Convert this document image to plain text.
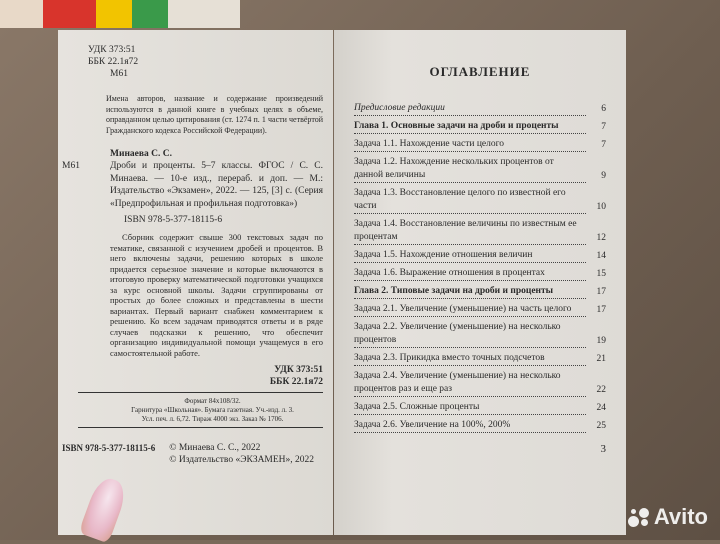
УДК 373:51
ББК 22.1я72
М61
Имена авторов, название и содержание произведений используются в данной книге в учебных целях в объеме, оправданном целью цитирования (ст. 1274 п. 1 части четвёртой Гражданского кодекса Российской Федерации).
Минаева С. С.
М61	Дроби и проценты. 5–7 классы. ФГОС / С. С. Минаева. — 10-е изд., перераб. и доп. — М.: Издательство «Экзамен», 2022. — 125, [3] с. (Серия «Предпрофильная и профильная подготовка»)
ISBN 978-5-377-18115-6
Сборник содержит свыше 300 текстовых задач по тематике, связанной с изучением дробей и процентов. В него включены задачи, решению которых в школе придается серьезное значение и которые включаются в итоговую проверку математической подготовки учащихся за курс основной школы. Задачи сгруппированы от простых до более сложных и представлены в шести вариантах. Первый вариант снабжен комментарием к решению. Ко всем задачам приводятся ответы и в ряде случаев подсказки к решению, что обеспечит организацию индивидуальной помощи учащемуся в его самостоятельной работе.
УДК 373:51
ББК 22.1я72
Формат 84x108/32.
Гарнитура «Школьная». Бумага газетная. Уч.-изд. л. 3.
Усл. печ. л. 6,72. Тираж 4000 экз. Заказ № 1706.
ISBN 978-5-377-18115-6 © Минаева С. С., 2022
© Издательство «ЭКЗАМЕН», 2022
ОГЛАВЛЕНИЕ
Предисловие редакции	6
Глава 1. Основные задачи на дроби и проценты	7
Задача 1.1. Нахождение части целого	7
Задача 1.2. Нахождение нескольких процентов от данной величины	9
Задача 1.3. Восстановление целого по известной его части	10
Задача 1.4. Восстановление величины по известным ее процентам	12
Задача 1.5. Нахождение отношения величин	14
Задача 1.6. Выражение отношения в процентах	15
Глава 2. Типовые задачи на дроби и проценты	17
Задача 2.1. Увеличение (уменьшение) на часть целого	17
Задача 2.2. Увеличение (уменьшение) на несколько процентов	19
Задача 2.3. Прикидка вместо точных подсчетов	21
Задача 2.4. Увеличение (уменьшение) на несколько процентов раз и еще раз	22
Задача 2.5. Сложные проценты	24
Задача 2.6. Увеличение на 100%, 200%	25
3
Avito
